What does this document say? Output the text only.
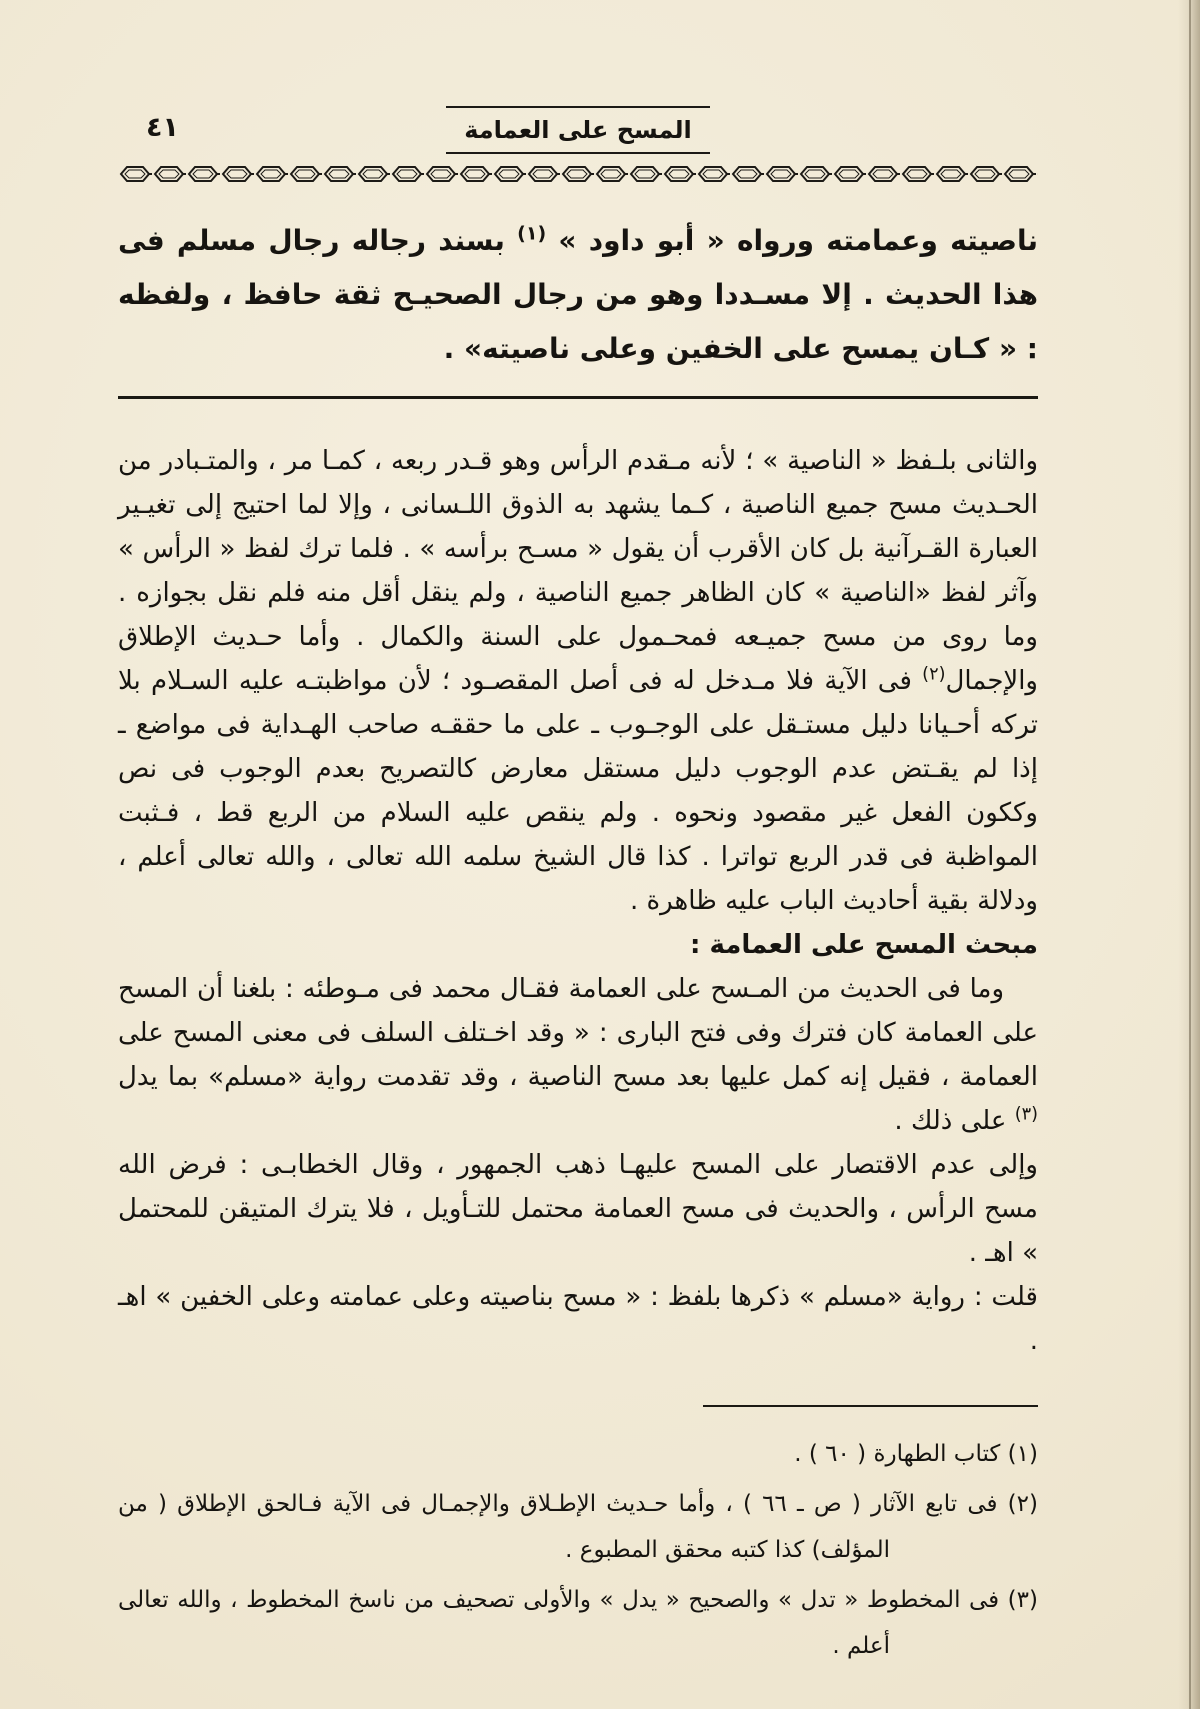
٤١	المسح على العمامة

ناصيته وعمامته ورواه « أبو داود » $^{(١)}$ بسند رجاله رجال مسلم فى هذا الحديث . إلا مسـددا وهو من رجال الصحيـح ثقة حافظ ، ولفظه : « كـان يمسح على الخفين وعلى ناصيته» .

والثانى بلـفظ « الناصية » ؛ لأنه مـقدم الرأس وهو قـدر ربعه ، كمـا مر ، والمتـبادر من الحـديث مسح جميع الناصية ، كـما يشهد به الذوق اللـسانى ، وإلا لما احتيج إلى تغيـير العبارة القـرآنية بل كان الأقرب أن يقول « مسـح برأسه » . فلما ترك لفظ « الرأس » وآثر لفظ «الناصية » كان الظاهر جميع الناصية ، ولم ينقل أقل منه فلم نقل بجوازه . وما روى من مسح جميـعه فمحـمول على السنة والكمال . وأما حـديث الإطلاق والإجمال$^{(٢)}$ فى الآية فلا مـدخل له فى أصل المقصـود ؛ لأن مواظبتـه عليه السـلام بلا تركه أحـيانا دليل مستـقل على الوجـوب ـ على ما حققـه صاحب الهـداية فى مواضع ـ إذا لم يقـتض عدم الوجوب دليل مستقل معارض كالتصريح بعدم الوجوب فى نص وككون الفعل غير مقصود ونحوه . ولم ينقص عليه السلام من الربع قط ، فـثبت المواظبة فى قدر الربع تواترا . كذا قال الشيخ سلمه الله تعالى ، والله تعالى أعلم ، ودلالة بقية أحاديث الباب عليه ظاهرة .

مبحث المسح على العمامة :

وما فى الحديث من المـسح على العمامة فقـال محمد فى مـوطئه : بلغنا أن المسح على العمامة كان فترك وفى فتح البارى : « وقد اخـتلف السلف فى معنى المسح على العمامة ، فقيل إنه كمل عليها بعد مسح الناصية ، وقد تقدمت رواية «مسلم» بما يدل $^{(٣)}$ على ذلك .

وإلى عدم الاقتصار على المسح عليهـا ذهب الجمهور ، وقال الخطابـى : فرض الله مسح الرأس ، والحديث فى مسح العمامة محتمل للتـأويل ، فلا يترك المتيقن للمحتمل » اهـ .

قلت : رواية «مسلم » ذكرها بلفظ : « مسح بناصيته وعلى عمامته وعلى الخفين » اهـ .

(١) كتاب الطهارة ( ٦٠ ) .

(٢) فى تابع الآثار ( ص ـ ٦٦ ) ، وأما حـديث الإطـلاق والإجمـال فى الآية فـالحق الإطلاق ( من المؤلف) كذا كتبه محقق المطبوع .

(٣) فى المخطوط « تدل » والصحيح « يدل » والأولى تصحيف من ناسخ المخطوط ، والله تعالى أعلم .
